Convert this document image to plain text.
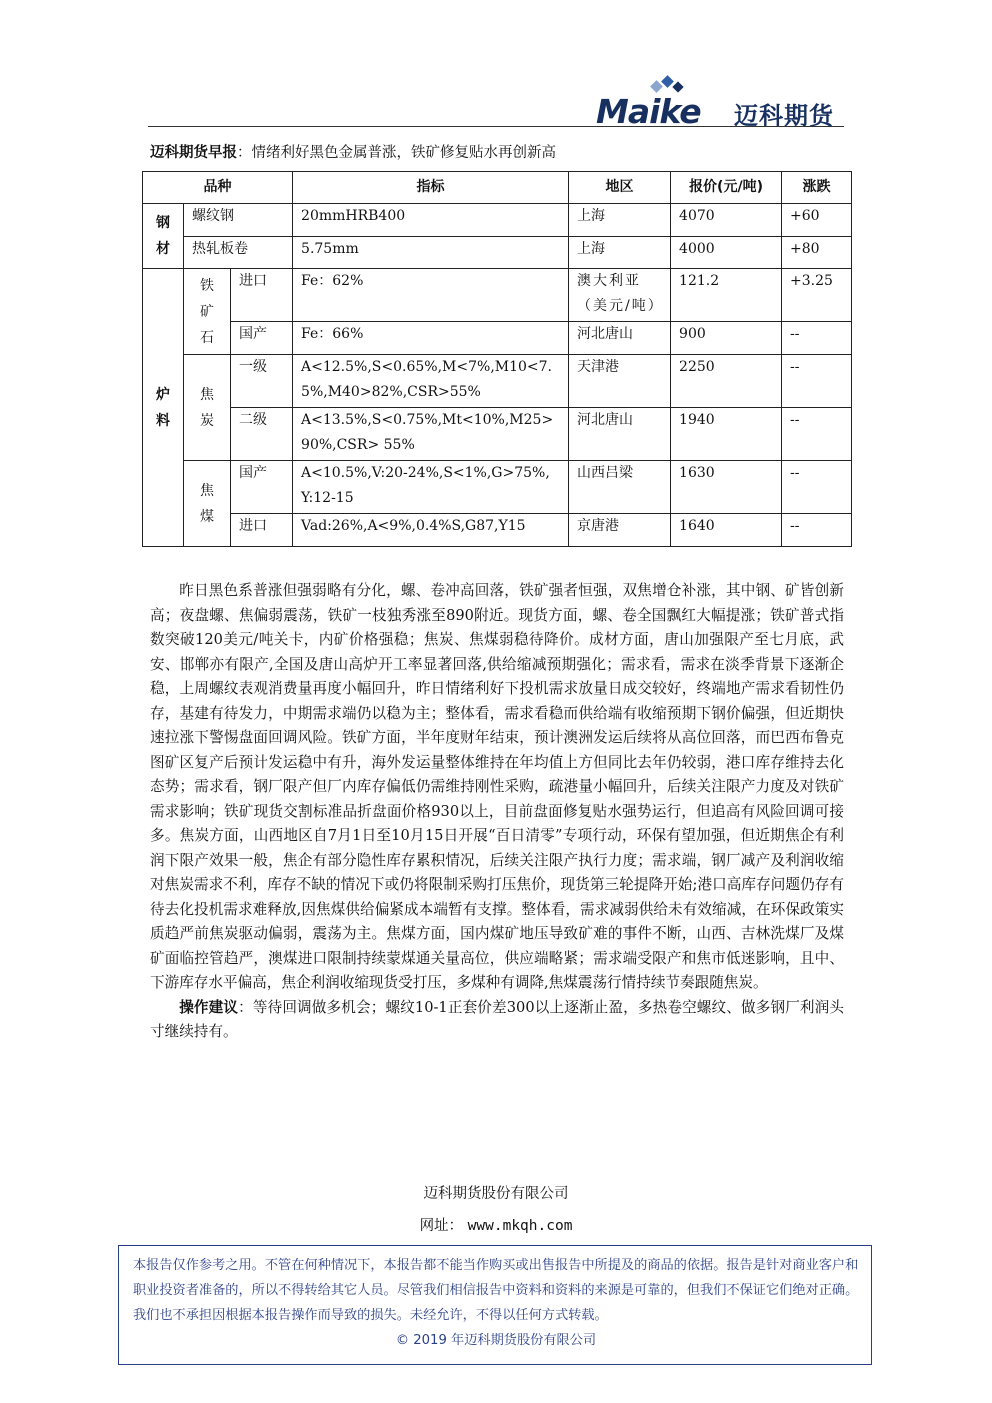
Maike 迈科期货
迈科期货早报：情绪利好黑色金属普涨，铁矿修复贴水再创新高
品种			指标	地区	报价(元/吨)	涨跌
钢材	螺纹钢		20mmHRB400	上海	4070	+60
	热轧板卷		5.75mm	上海	4000	+80
炉料	铁矿石	进口	Fe：62%	澳大利亚（美元/吨）	121.2	+3.25
		国产	Fe：66%	河北唐山	900	--
	焦炭	一级	A<12.5%,S<0.65%,M<7%,M10<7.5%,M40>82%,CSR>55%	天津港	2250	--
		二级	A<13.5%,S<0.75%,Mt<10%,M25>90%,CSR> 55%	河北唐山	1940	--
	焦煤	国产	A<10.5%,V:20-24%,S<1%,G>75%,Y:12-15	山西吕梁	1630	--
		进口	Vad:26%,A<9%,0.4%S,G87,Y15	京唐港	1640	--

昨日黑色系普涨但强弱略有分化，螺、卷冲高回落，铁矿强者恒强，双焦增仓补涨，其中钢、矿皆创新高；夜盘螺、焦偏弱震荡，铁矿一枝独秀涨至890附近。现货方面，螺、卷全国飘红大幅提涨；铁矿普式指数突破120美元/吨关卡，内矿价格强稳；焦炭、焦煤弱稳待降价。成材方面，唐山加强限产至七月底，武安、邯郸亦有限产,全国及唐山高炉开工率显著回落,供给缩减预期强化；需求看，需求在淡季背景下逐渐企稳，上周螺纹表观消费量再度小幅回升，昨日情绪利好下投机需求放量日成交较好，终端地产需求看韧性仍存，基建有待发力，中期需求端仍以稳为主；整体看，需求看稳而供给端有收缩预期下钢价偏强，但近期快速拉涨下警惕盘面回调风险。铁矿方面，半年度财年结束，预计澳洲发运后续将从高位回落，而巴西布鲁克图矿区复产后预计发运稳中有升，海外发运量整体维持在年均值上方但同比去年仍较弱，港口库存维持去化态势；需求看，钢厂限产但厂内库存偏低仍需维持刚性采购，疏港量小幅回升，后续关注限产力度及对铁矿需求影响；铁矿现货交割标准品折盘面价格930以上，目前盘面修复贴水强势运行，但追高有风险回调可接多。焦炭方面，山西地区自7月1日至10月15日开展“百日清零”专项行动，环保有望加强，但近期焦企有利润下限产效果一般，焦企有部分隐性库存累积情况，后续关注限产执行力度；需求端，钢厂减产及利润收缩对焦炭需求不利，库存不缺的情况下或仍将限制采购打压焦价，现货第三轮提降开始;港口高库存问题仍存有待去化投机需求难释放,因焦煤供给偏紧成本端暂有支撑。整体看，需求减弱供给未有效缩减，在环保政策实质趋严前焦炭驱动偏弱，震荡为主。焦煤方面，国内煤矿地压导致矿难的事件不断，山西、吉林洗煤厂及煤矿面临控管趋严，澳煤进口限制持续蒙煤通关量高位，供应端略紧；需求端受限产和焦市低迷影响，且中、下游库存水平偏高，焦企利润收缩现货受打压，多煤种有调降,焦煤震荡行情持续节奏跟随焦炭。

操作建议：等待回调做多机会；螺纹10-1正套价差300以上逐渐止盈，多热卷空螺纹、做多钢厂利润头寸继续持有。

迈科期货股份有限公司
网址： www.mkqh.com
本报告仅作参考之用。不管在何种情况下，本报告都不能当作购买或出售报告中所提及的商品的依据。报告是针对商业客户和职业投资者准备的，所以不得转给其它人员。尽管我们相信报告中资料和资料的来源是可靠的，但我们不保证它们绝对正确。我们也不承担因根据本报告操作而导致的损失。未经允许，不得以任何方式转载。
© 2019 年迈科期货股份有限公司
